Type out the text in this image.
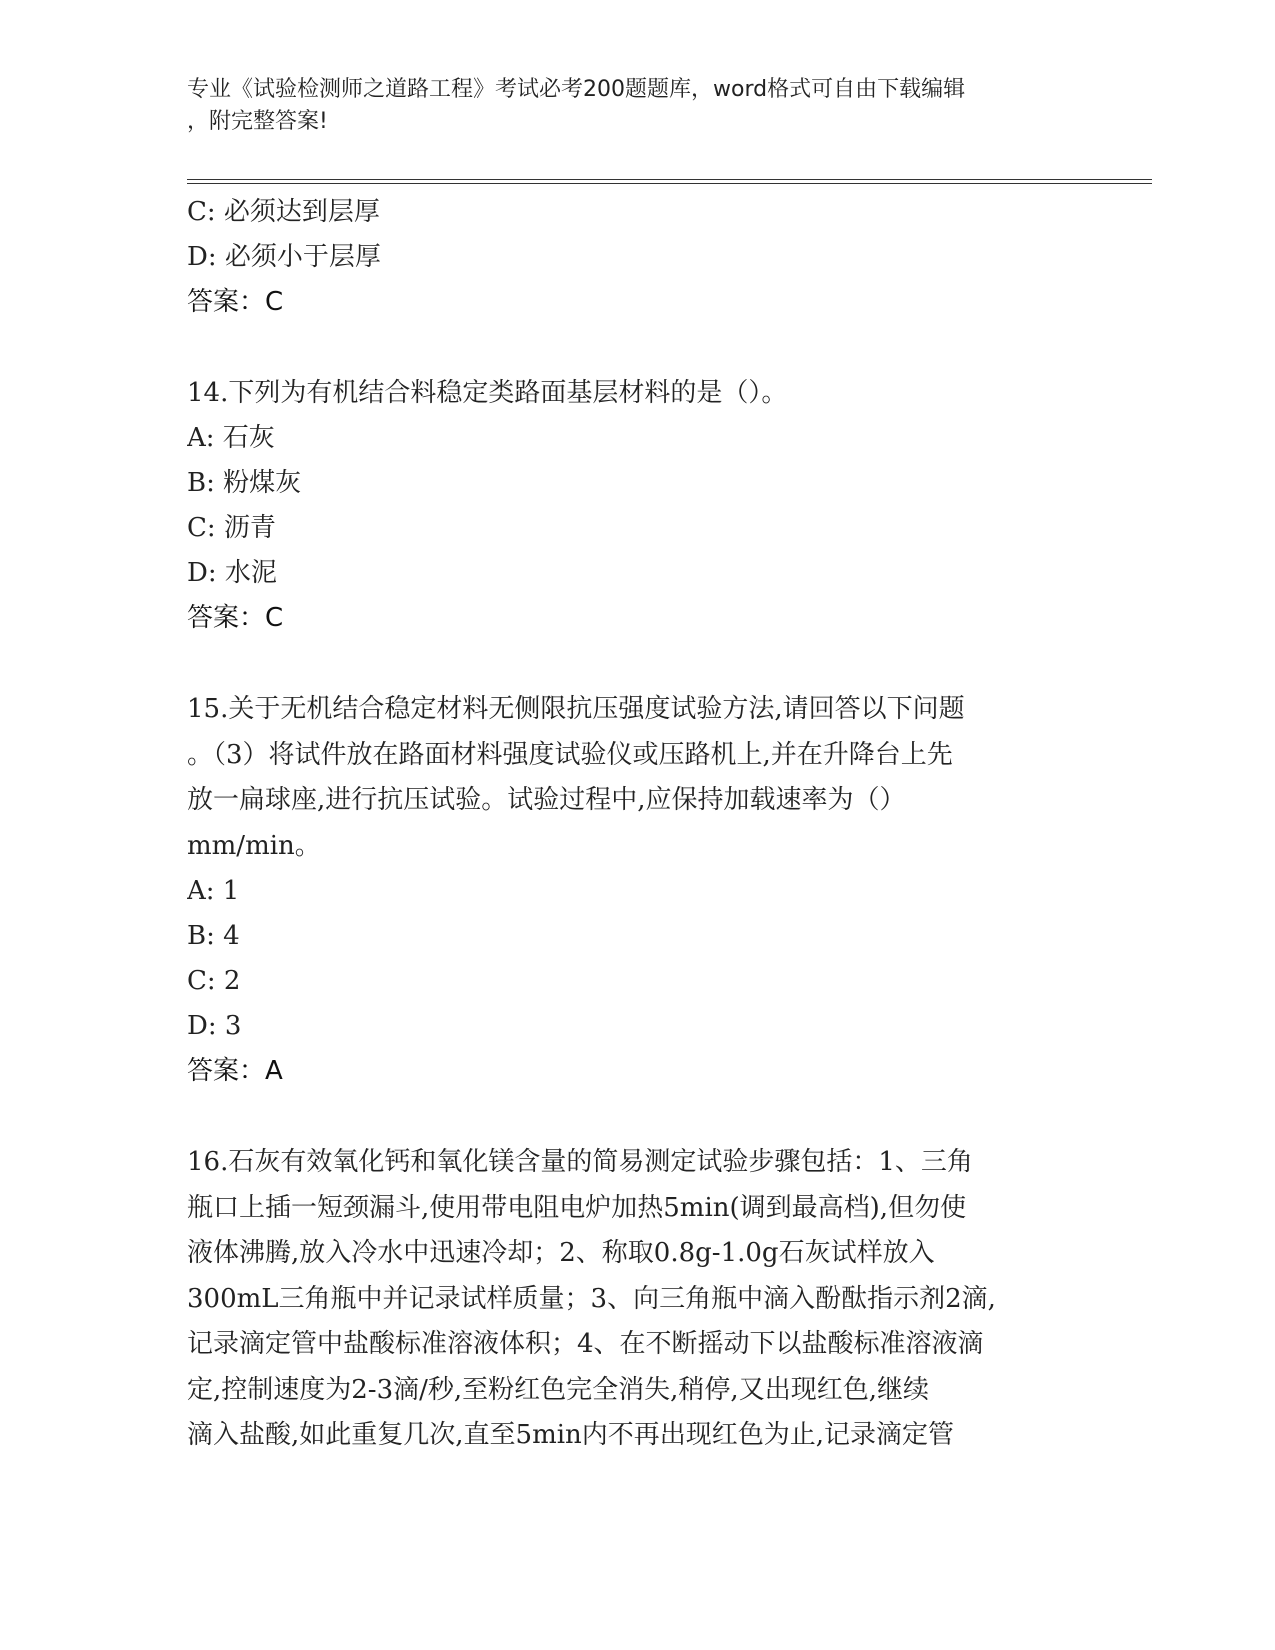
专业《试验检测师之道路工程》考试必考200题题库，word格式可自由下载编辑
，附完整答案!
C: 必须达到层厚
D: 必须小于层厚
答案：C
14.下列为有机结合料稳定类路面基层材料的是（）。
A: 石灰
B: 粉煤灰
C: 沥青
D: 水泥
答案：C
15.关于无机结合稳定材料无侧限抗压强度试验方法,请回答以下问题
。（3）将试件放在路面材料强度试验仪或压路机上,并在升降台上先
放一扁球座,进行抗压试验。试验过程中,应保持加载速率为（）
mm/min。
A: 1
B: 4
C: 2
D: 3
答案：A
16.石灰有效氧化钙和氧化镁含量的简易测定试验步骤包括：1、三角
瓶口上插一短颈漏斗,使用带电阻电炉加热5min(调到最高档),但勿使
液体沸腾,放入冷水中迅速冷却；2、称取0.8g-1.0g石灰试样放入
300mL三角瓶中并记录试样质量；3、向三角瓶中滴入酚酞指示剂2滴,
记录滴定管中盐酸标准溶液体积；4、在不断摇动下以盐酸标准溶液滴
定,控制速度为2-3滴/秒,至粉红色完全消失,稍停,又出现红色,继续
滴入盐酸,如此重复几次,直至5min内不再出现红色为止,记录滴定管
